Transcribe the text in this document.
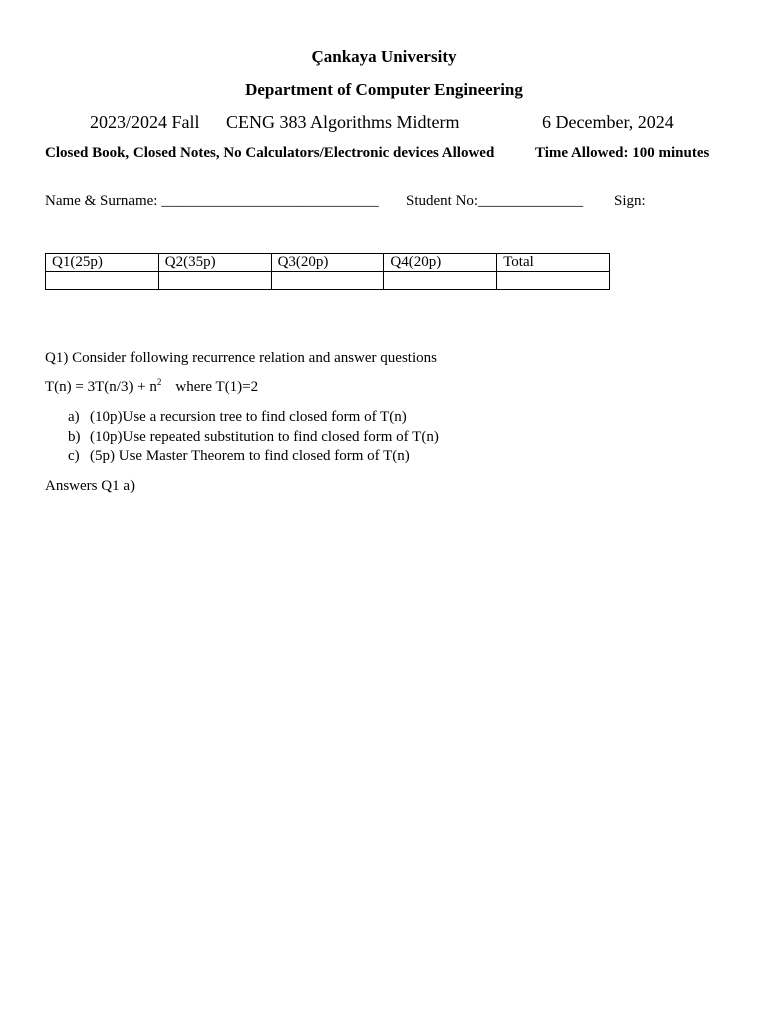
Çankaya University
Department of Computer Engineering
2023/2024 Fall CENG 383 Algorithms Midterm	6 December, 2024
Closed Book, Closed Notes, No Calculators/Electronic devices Allowed	Time Allowed: 100 minutes
Name & Surname: _____________________________ Student No:______________ Sign:
Q1(25p)	Q2(35p)	Q3(20p)	Q4(20p)	Total

Q1) Consider following recurrence relation and answer questions
$T(n) = 3T(n/3) + n^2$ where T(1)=2
a) (10p)Use a recursion tree to find closed form of T(n)
b) (10p)Use repeated substitution to find closed form of T(n)
c) (5p) Use Master Theorem to find closed form of T(n)
Answers Q1 a)
